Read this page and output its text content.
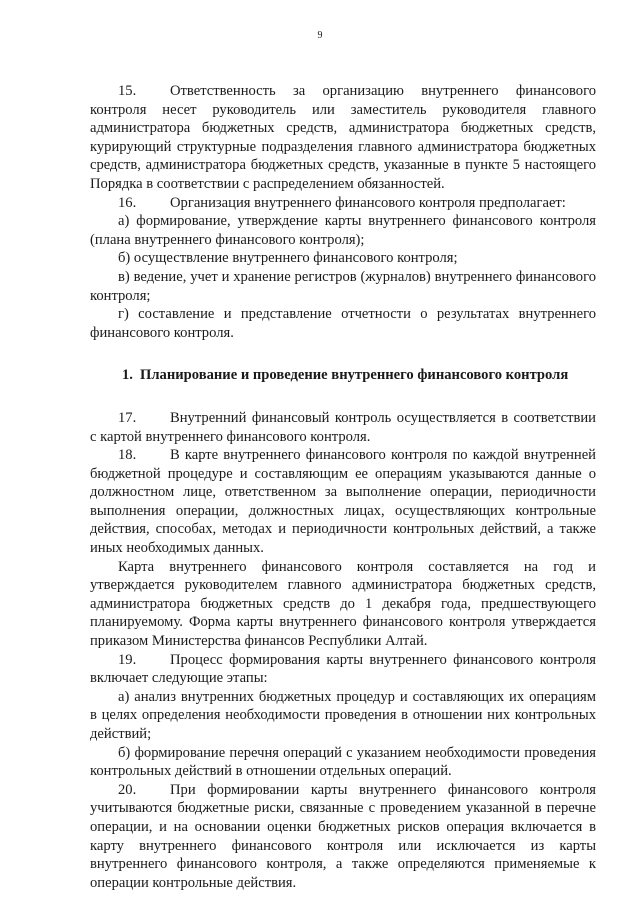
9

15. Ответственность за организацию внутреннего финансового контроля несет руководитель или заместитель руководителя главного администратора бюджетных средств, администратора бюджетных средств, курирующий структурные подразделения главного администратора бюджетных средств, администратора бюджетных средств, указанные в пункте 5 настоящего Порядка в соответствии с распределением обязанностей.

16. Организация внутреннего финансового контроля предполагает:

а) формирование, утверждение карты внутреннего финансового контроля (плана внутреннего финансового контроля);

б) осуществление внутреннего финансового контроля;

в) ведение, учет и хранение регистров (журналов) внутреннего финансового контроля;

г) составление и представление отчетности о результатах внутреннего финансового контроля.

1. Планирование и проведение внутреннего финансового контроля

17. Внутренний финансовый контроль осуществляется в соответствии с картой внутреннего финансового контроля.

18. В карте внутреннего финансового контроля по каждой внутренней бюджетной процедуре и составляющим ее операциям указываются данные о должностном лице, ответственном за выполнение операции, периодичности выполнения операции, должностных лицах, осуществляющих контрольные действия, способах, методах и периодичности контрольных действий, а также иных необходимых данных.

Карта внутреннего финансового контроля составляется на год и утверждается руководителем главного администратора бюджетных средств, администратора бюджетных средств до 1 декабря года, предшествующего планируемому. Форма карты внутреннего финансового контроля утверждается приказом Министерства финансов Республики Алтай.

19. Процесс формирования карты внутреннего финансового контроля включает следующие этапы:

а) анализ внутренних бюджетных процедур и составляющих их операциям в целях определения необходимости проведения в отношении них контрольных действий;

б) формирование перечня операций с указанием необходимости проведения контрольных действий в отношении отдельных операций.

20. При формировании карты внутреннего финансового контроля учитываются бюджетные риски, связанные с проведением указанной в перечне операции, и на основании оценки бюджетных рисков операция включается в карту внутреннего финансового контроля или исключается из карты внутреннего финансового контроля, а также определяются применяемые к операции контрольные действия.
